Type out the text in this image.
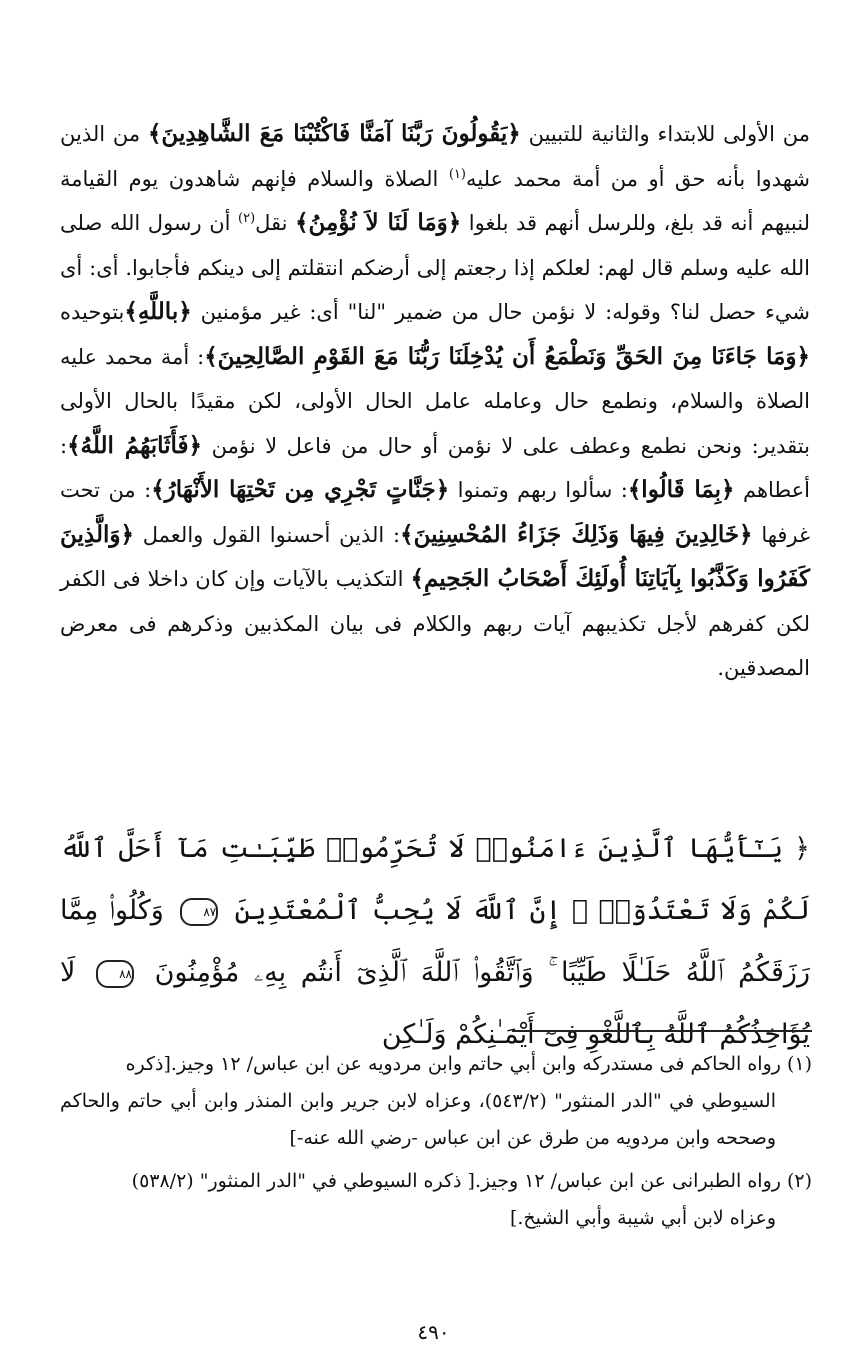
من الأولى للابتداء والثانية للتبيين ﴿يَقُولُونَ رَبَّنَا آمَنَّا فَاكْتُبْنَا مَعَ الشَّاهِدِينَ﴾ من الذين شهدوا بأنه حق أو من أمة محمد عليه$^{(١)}$ الصلاة والسلام فإنهم شاهدون يوم القيامة لنبيهم أنه قد بلغ، وللرسل أنهم قد بلغوا ﴿وَمَا لَنَا لاَ نُؤْمِنُ﴾ نقل$^{(٢)}$ أن رسول الله صلى الله عليه وسلم قال لهم: لعلكم إذا رجعتم إلى أرضكم انتقلتم إلى دينكم فأجابوا. أى: أى شيء حصل لنا؟ وقوله: لا نؤمن حال من ضمير "لنا" أى: غير مؤمنين ﴿باللَّهِ﴾بتوحيده ﴿وَمَا جَاءَنَا مِنَ الحَقِّ وَنَطْمَعُ أَن يُدْخِلَنَا رَبُّنَا مَعَ القَوْمِ الصَّالِحِينَ﴾: أمة محمد عليه الصلاة والسلام، ونطمع حال وعامله عامل الحال الأولى، لكن مقيدًا بالحال الأولى بتقدير: ونحن نطمع وعطف على لا نؤمن أو حال من فاعل لا نؤمن ﴿فَأَثَابَهُمُ اللَّهُ﴾: أعطاهم ﴿بِمَا قَالُوا﴾: سألوا ربهم وتمنوا ﴿جَنَّاتٍ تَجْرِي مِن تَحْتِهَا الأَنْهَارُ﴾: من تحت غرفها ﴿خَالِدِينَ فِيهَا وَذَلِكَ جَزَاءُ المُحْسِنِينَ﴾: الذين أحسنوا القول والعمل ﴿وَالَّذِينَ كَفَرُوا وَكَذَّبُوا بِآيَاتِنَا أُولَئِكَ أَصْحَابُ الجَحِيمِ﴾ التكذيب بالآيات وإن كان داخلا فى الكفر لكن كفرهم لأجل تكذيبهم آيات ربهم والكلام فى بيان المكذبين وذكرهم فى معرض المصدقين.

﴿ يَـٰٓأَيُّهَا ٱلَّذِينَ ءَامَنُوا۟ لَا تُحَرِّمُوا۟ طَيِّبَـٰتِ مَآ أَحَلَّ ٱللَّهُ لَكُمْ وَلَا تَعْتَدُوٓا۟ ۚ إِنَّ ٱللَّهَ لَا يُحِبُّ ٱلْمُعْتَدِينَ ٨٧ وَكُلُوا۟ مِمَّا رَزَقَكُمُ ٱللَّهُ حَلَـٰلًا طَيِّبًا ۚ وَٱتَّقُوا۟ ٱللَّهَ ٱلَّذِىٓ أَنتُم بِهِۦ مُؤْمِنُونَ ٨٨ لَا يُؤَاخِذُكُمُ ٱللَّهُ بِٱللَّغْوِ فِىٓ أَيْمَـٰنِكُمْ وَلَـٰكِن

(١)رواه الحاكم فى مستدركه وابن أبي حاتم وابن مردويه عن ابن عباس/ ١٢ وجيز.[ذكره
السيوطي في "الدر المنثور" (٥٤٣/٢)، وعزاه لابن جرير وابن المنذر وابن أبي حاتم والحاكم وصححه وابن مردويه من طرق عن ابن عباس -رضي الله عنه-]
(٢)رواه الطبرانى عن ابن عباس/ ١٢ وجيز.[ ذكره السيوطي في "الدر المنثور" (٥٣٨/٢)
وعزاه لابن أبي شيبة وأبي الشيخ.]
٤٩٠
